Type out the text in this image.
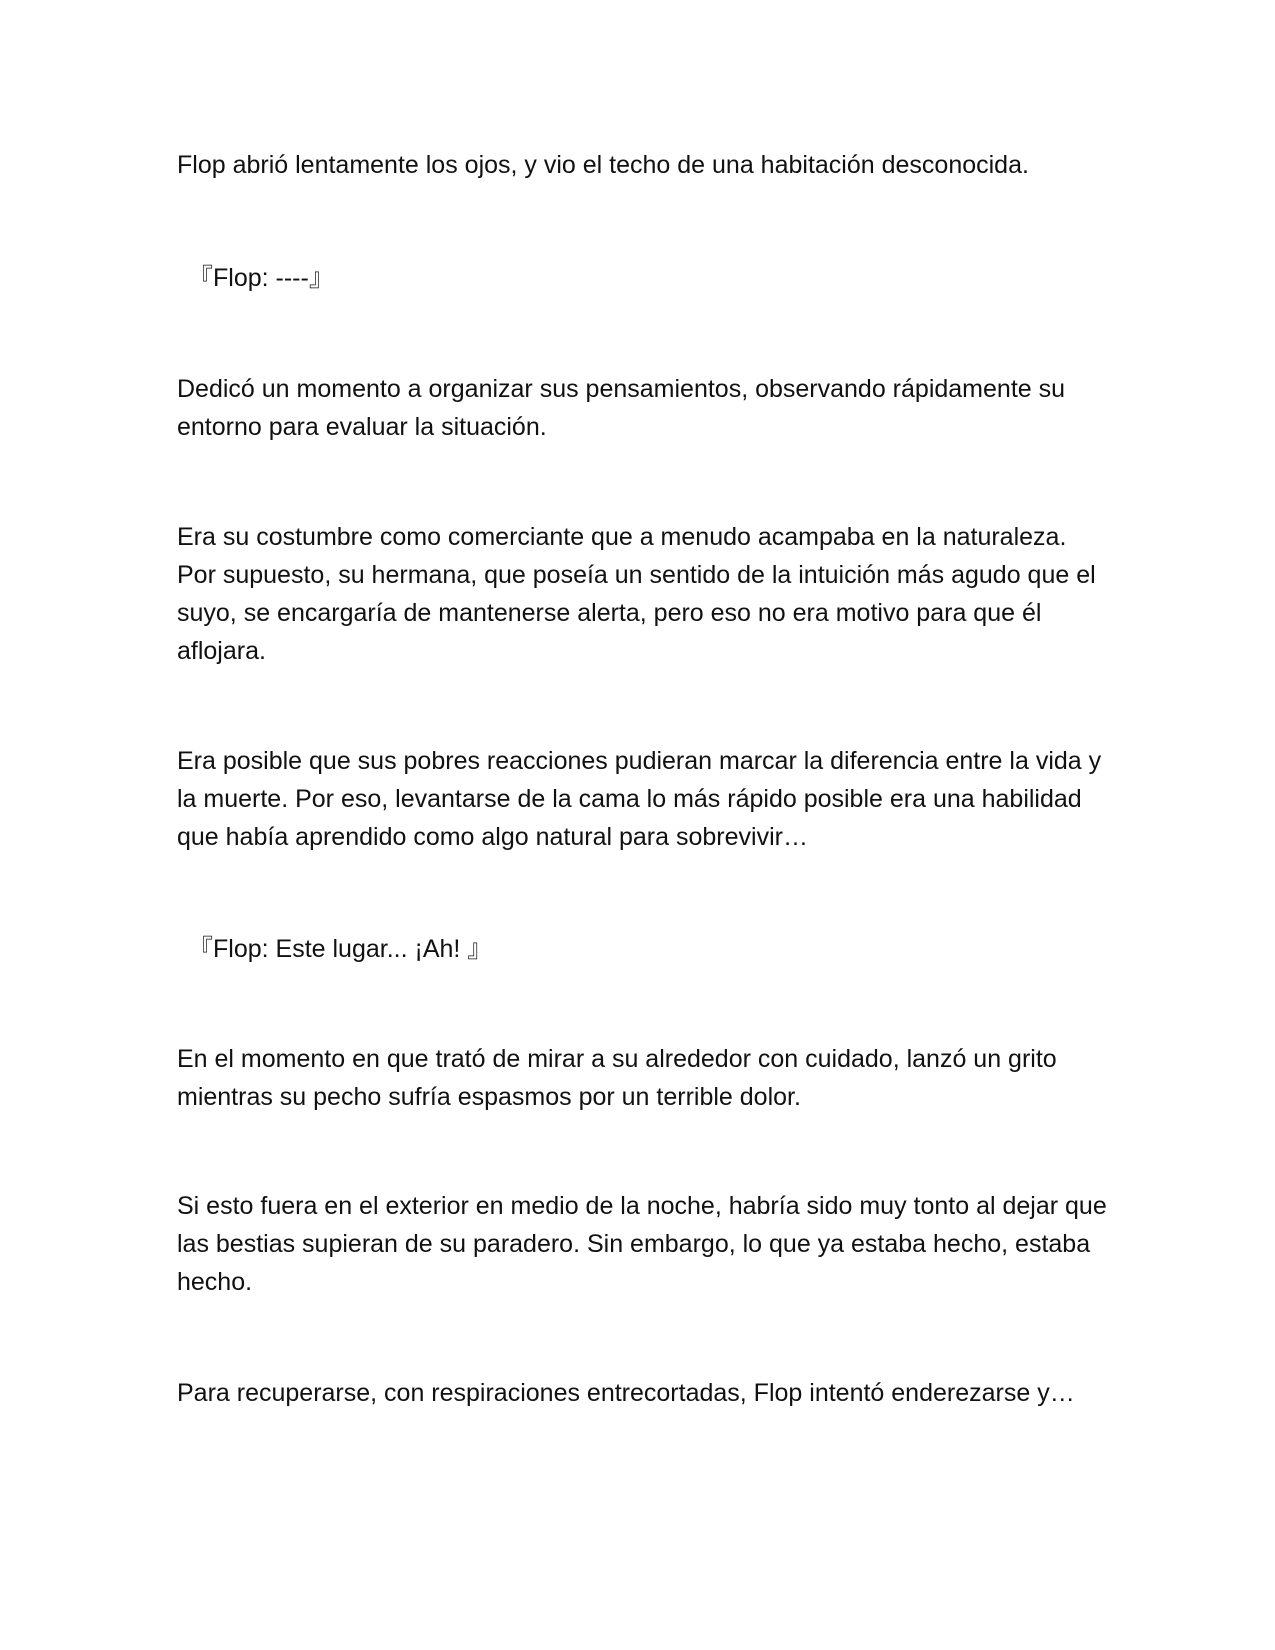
Flop abrió lentamente los ojos, y vio el techo de una habitación desconocida.

『Flop: ----』

Dedicó un momento a organizar sus pensamientos, observando rápidamente su entorno para evaluar la situación.

Era su costumbre como comerciante que a menudo acampaba en la naturaleza. Por supuesto, su hermana, que poseía un sentido de la intuición más agudo que el suyo, se encargaría de mantenerse alerta, pero eso no era motivo para que él aflojara.

Era posible que sus pobres reacciones pudieran marcar la diferencia entre la vida y la muerte. Por eso, levantarse de la cama lo más rápido posible era una habilidad que había aprendido como algo natural para sobrevivir…

『Flop: Este lugar... ¡Ah! 』

En el momento en que trató de mirar a su alrededor con cuidado, lanzó un grito mientras su pecho sufría espasmos por un terrible dolor.

Si esto fuera en el exterior en medio de la noche, habría sido muy tonto al dejar que las bestias supieran de su paradero. Sin embargo, lo que ya estaba hecho, estaba hecho.

Para recuperarse, con respiraciones entrecortadas, Flop intentó enderezarse y…
